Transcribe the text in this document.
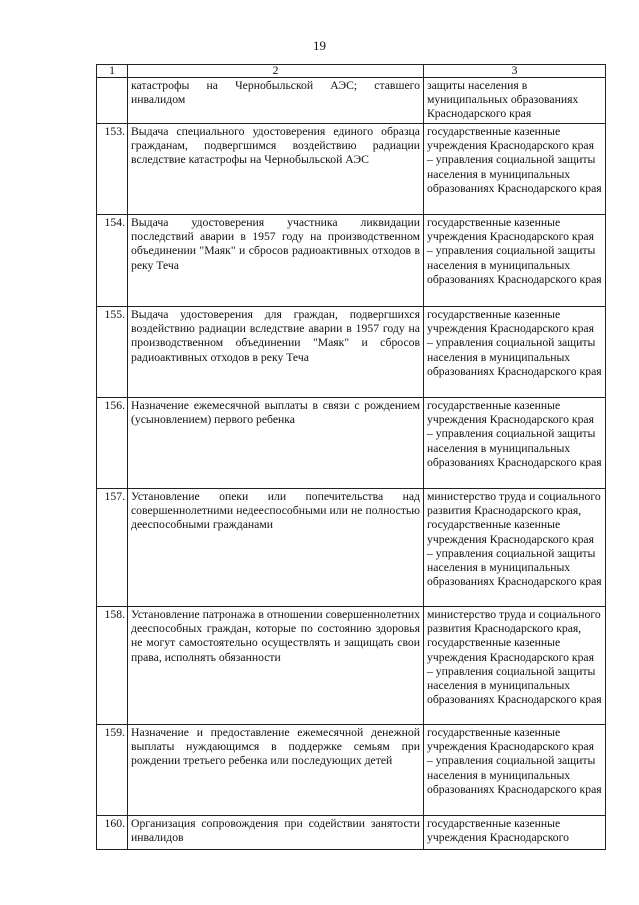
19
1	2	3
	катастрофы на Чернобыльской АЭС; ставшего инвалидом	защиты населения в муниципальных образованиях Краснодарского края
153.	Выдача специального удостоверения единого образца гражданам, подвергшимся воздействию радиации вследствие катастрофы на Чернобыльской АЭС	государственные казенные учреждения Краснодарского края – управления социальной защиты населения в муниципальных образованиях Краснодарского края
154.	Выдача удостоверения участника ликвидации последствий аварии в 1957 году на производственном объединении "Маяк" и сбросов радиоактивных отходов в реку Теча	государственные казенные учреждения Краснодарского края – управления социальной защиты населения в муниципальных образованиях Краснодарского края
155.	Выдача удостоверения для граждан, подвергшихся воздействию радиации вследствие аварии в 1957 году на производственном объединении "Маяк" и сбросов радиоактивных отходов в реку Теча	государственные казенные учреждения Краснодарского края – управления социальной защиты населения в муниципальных образованиях Краснодарского края
156.	Назначение ежемесячной выплаты в связи с рождением (усыновлением) первого ребенка	государственные казенные учреждения Краснодарского края – управления социальной защиты населения в муниципальных образованиях Краснодарского края
157.	Установление опеки или попечительства над совершеннолетними недееспособными или не полностью дееспособными гражданами	министерство труда и социального развития Краснодарского края, государственные казенные учреждения Краснодарского края – управления социальной защиты населения в муниципальных образованиях Краснодарского края
158.	Установление патронажа в отношении совершеннолетних дееспособных граждан, которые по состоянию здоровья не могут самостоятельно осуществлять и защищать свои права, исполнять обязанности	министерство труда и социального развития Краснодарского края, государственные казенные учреждения Краснодарского края – управления социальной защиты населения в муниципальных образованиях Краснодарского края
159.	Назначение и предоставление ежемесячной денежной выплаты нуждающимся в поддержке семьям при рождении третьего ребенка или последующих детей	государственные казенные учреждения Краснодарского края – управления социальной защиты населения в муниципальных образованиях Краснодарского края
160.	Организация сопровождения при содействии занятости инвалидов	государственные казенные учреждения Краснодарского
